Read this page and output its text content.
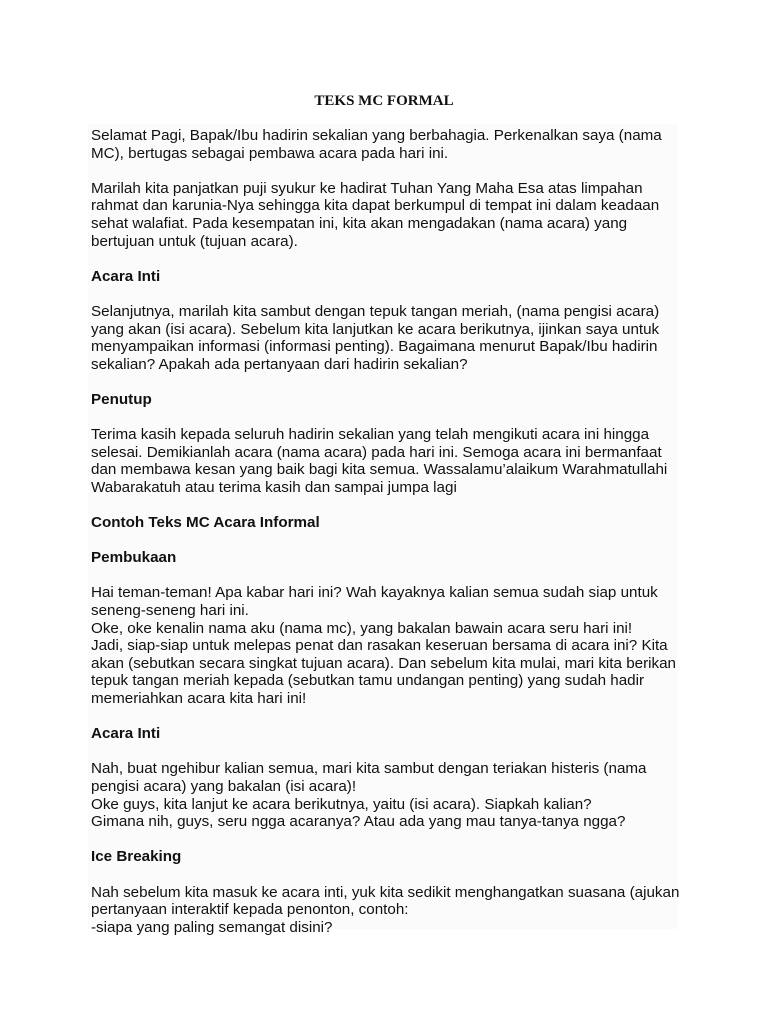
TEKS MC FORMAL

Selamat Pagi, Bapak/Ibu hadirin sekalian yang berbahagia. Perkenalkan saya (nama
MC), bertugas sebagai pembawa acara pada hari ini.

Marilah kita panjatkan puji syukur ke hadirat Tuhan Yang Maha Esa atas limpahan
rahmat dan karunia-Nya sehingga kita dapat berkumpul di tempat ini dalam keadaan
sehat walafiat. Pada kesempatan ini, kita akan mengadakan (nama acara) yang
bertujuan untuk (tujuan acara).

Acara Inti

Selanjutnya, marilah kita sambut dengan tepuk tangan meriah, (nama pengisi acara)
yang akan (isi acara). Sebelum kita lanjutkan ke acara berikutnya, ijinkan saya untuk
menyampaikan informasi (informasi penting). Bagaimana menurut Bapak/Ibu hadirin
sekalian? Apakah ada pertanyaan dari hadirin sekalian?

Penutup

Terima kasih kepada seluruh hadirin sekalian yang telah mengikuti acara ini hingga
selesai. Demikianlah acara (nama acara) pada hari ini. Semoga acara ini bermanfaat
dan membawa kesan yang baik bagi kita semua. Wassalamu’alaikum Warahmatullahi
Wabarakatuh atau terima kasih dan sampai jumpa lagi

Contoh Teks MC Acara Informal

Pembukaan

Hai teman-teman! Apa kabar hari ini? Wah kayaknya kalian semua sudah siap untuk
seneng-seneng hari ini.
Oke, oke kenalin nama aku (nama mc), yang bakalan bawain acara seru hari ini!
Jadi, siap-siap untuk melepas penat dan rasakan keseruan bersama di acara ini? Kita
akan (sebutkan secara singkat tujuan acara). Dan sebelum kita mulai, mari kita berikan
tepuk tangan meriah kepada (sebutkan tamu undangan penting) yang sudah hadir
memeriahkan acara kita hari ini!

Acara Inti

Nah, buat ngehibur kalian semua, mari kita sambut dengan teriakan histeris (nama
pengisi acara) yang bakalan (isi acara)!
Oke guys, kita lanjut ke acara berikutnya, yaitu (isi acara). Siapkah kalian?
Gimana nih, guys, seru ngga acaranya? Atau ada yang mau tanya-tanya ngga?

Ice Breaking

Nah sebelum kita masuk ke acara inti, yuk kita sedikit menghangatkan suasana (ajukan
pertanyaan interaktif kepada penonton, contoh:
-siapa yang paling semangat disini?
